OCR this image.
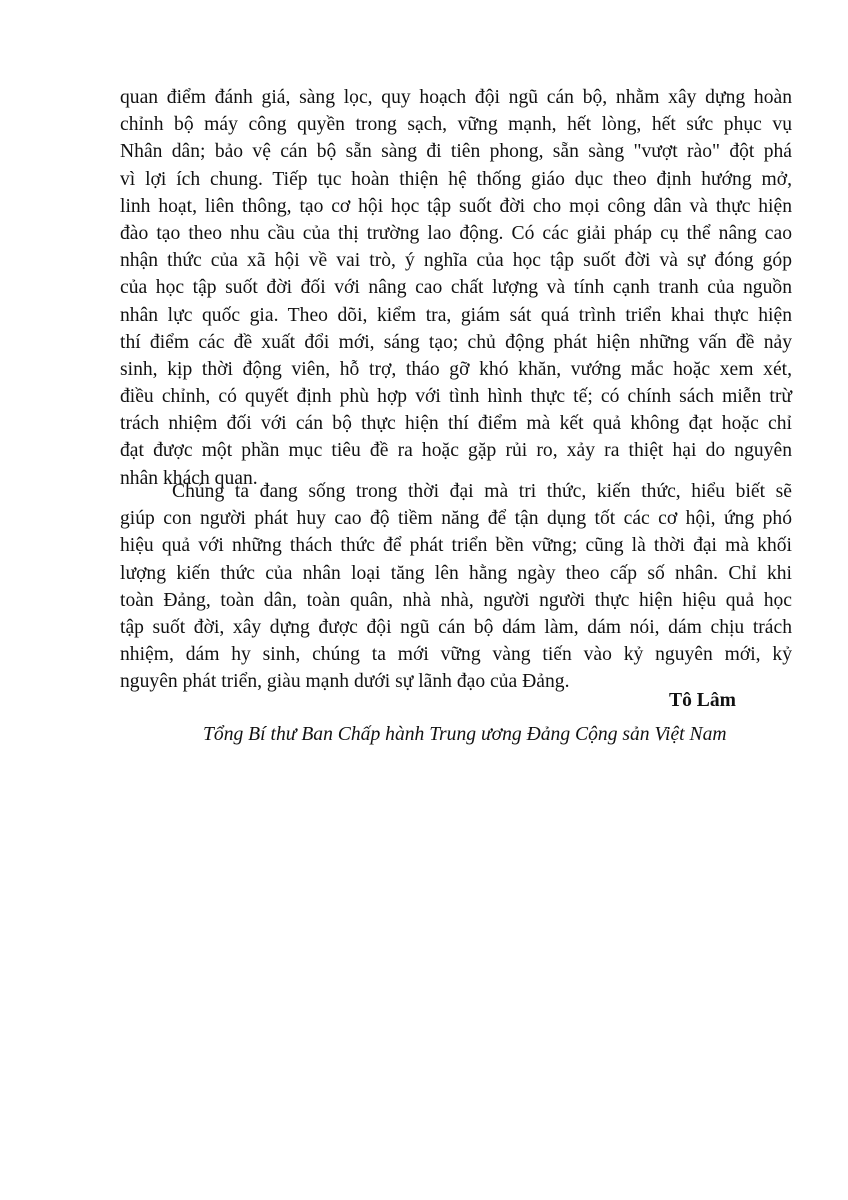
quan điểm đánh giá, sàng lọc, quy hoạch đội ngũ cán bộ, nhằm xây dựng hoàn
chỉnh bộ máy công quyền trong sạch, vững mạnh, hết lòng, hết sức phục vụ
Nhân dân; bảo vệ cán bộ sẵn sàng đi tiên phong, sẵn sàng "vượt rào" đột phá
vì lợi ích chung. Tiếp tục hoàn thiện hệ thống giáo dục theo định hướng mở,
linh hoạt, liên thông, tạo cơ hội học tập suốt đời cho mọi công dân và thực hiện
đào tạo theo nhu cầu của thị trường lao động. Có các giải pháp cụ thể nâng cao
nhận thức của xã hội về vai trò, ý nghĩa của học tập suốt đời và sự đóng góp
của học tập suốt đời đối với nâng cao chất lượng và tính cạnh tranh của nguồn
nhân lực quốc gia. Theo dõi, kiểm tra, giám sát quá trình triển khai thực hiện
thí điểm các đề xuất đổi mới, sáng tạo; chủ động phát hiện những vấn đề nảy
sinh, kịp thời động viên, hỗ trợ, tháo gỡ khó khăn, vướng mắc hoặc xem xét,
điều chỉnh, có quyết định phù hợp với tình hình thực tế; có chính sách miễn trừ
trách nhiệm đối với cán bộ thực hiện thí điểm mà kết quả không đạt hoặc chỉ
đạt được một phần mục tiêu đề ra hoặc gặp rủi ro, xảy ra thiệt hại do nguyên
nhân khách quan.
Chúng ta đang sống trong thời đại mà tri thức, kiến thức, hiểu biết sẽ
giúp con người phát huy cao độ tiềm năng để tận dụng tốt các cơ hội, ứng phó
hiệu quả với những thách thức để phát triển bền vững; cũng là thời đại mà khối
lượng kiến thức của nhân loại tăng lên hằng ngày theo cấp số nhân. Chỉ khi
toàn Đảng, toàn dân, toàn quân, nhà nhà, người người thực hiện hiệu quả học
tập suốt đời, xây dựng được đội ngũ cán bộ dám làm, dám nói, dám chịu trách
nhiệm, dám hy sinh, chúng ta mới vững vàng tiến vào kỷ nguyên mới, kỷ
nguyên phát triển, giàu mạnh dưới sự lãnh đạo của Đảng.
Tô Lâm
Tổng Bí thư Ban Chấp hành Trung ương Đảng Cộng sản Việt Nam
